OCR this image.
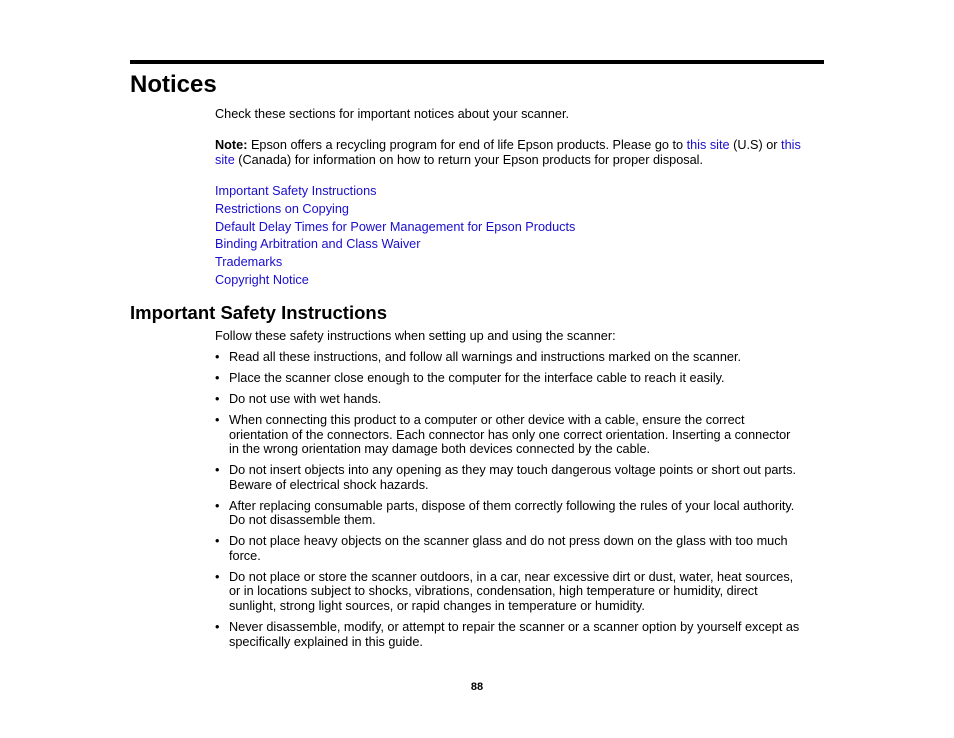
Notices
Check these sections for important notices about your scanner.
Note: Epson offers a recycling program for end of life Epson products. Please go to this site (U.S) or this
site (Canada) for information on how to return your Epson products for proper disposal.
Important Safety Instructions
Restrictions on Copying
Default Delay Times for Power Management for Epson Products
Binding Arbitration and Class Waiver
Trademarks
Copyright Notice
Important Safety Instructions
Follow these safety instructions when setting up and using the scanner:
• Read all these instructions, and follow all warnings and instructions marked on the scanner.
• Place the scanner close enough to the computer for the interface cable to reach it easily.
• Do not use with wet hands.
• When connecting this product to a computer or other device with a cable, ensure the correct
orientation of the connectors. Each connector has only one correct orientation. Inserting a connector
in the wrong orientation may damage both devices connected by the cable.
• Do not insert objects into any opening as they may touch dangerous voltage points or short out parts.
Beware of electrical shock hazards.
• After replacing consumable parts, dispose of them correctly following the rules of your local authority.
Do not disassemble them.
• Do not place heavy objects on the scanner glass and do not press down on the glass with too much
force.
• Do not place or store the scanner outdoors, in a car, near excessive dirt or dust, water, heat sources,
or in locations subject to shocks, vibrations, condensation, high temperature or humidity, direct
sunlight, strong light sources, or rapid changes in temperature or humidity.
• Never disassemble, modify, or attempt to repair the scanner or a scanner option by yourself except as
specifically explained in this guide.
88
